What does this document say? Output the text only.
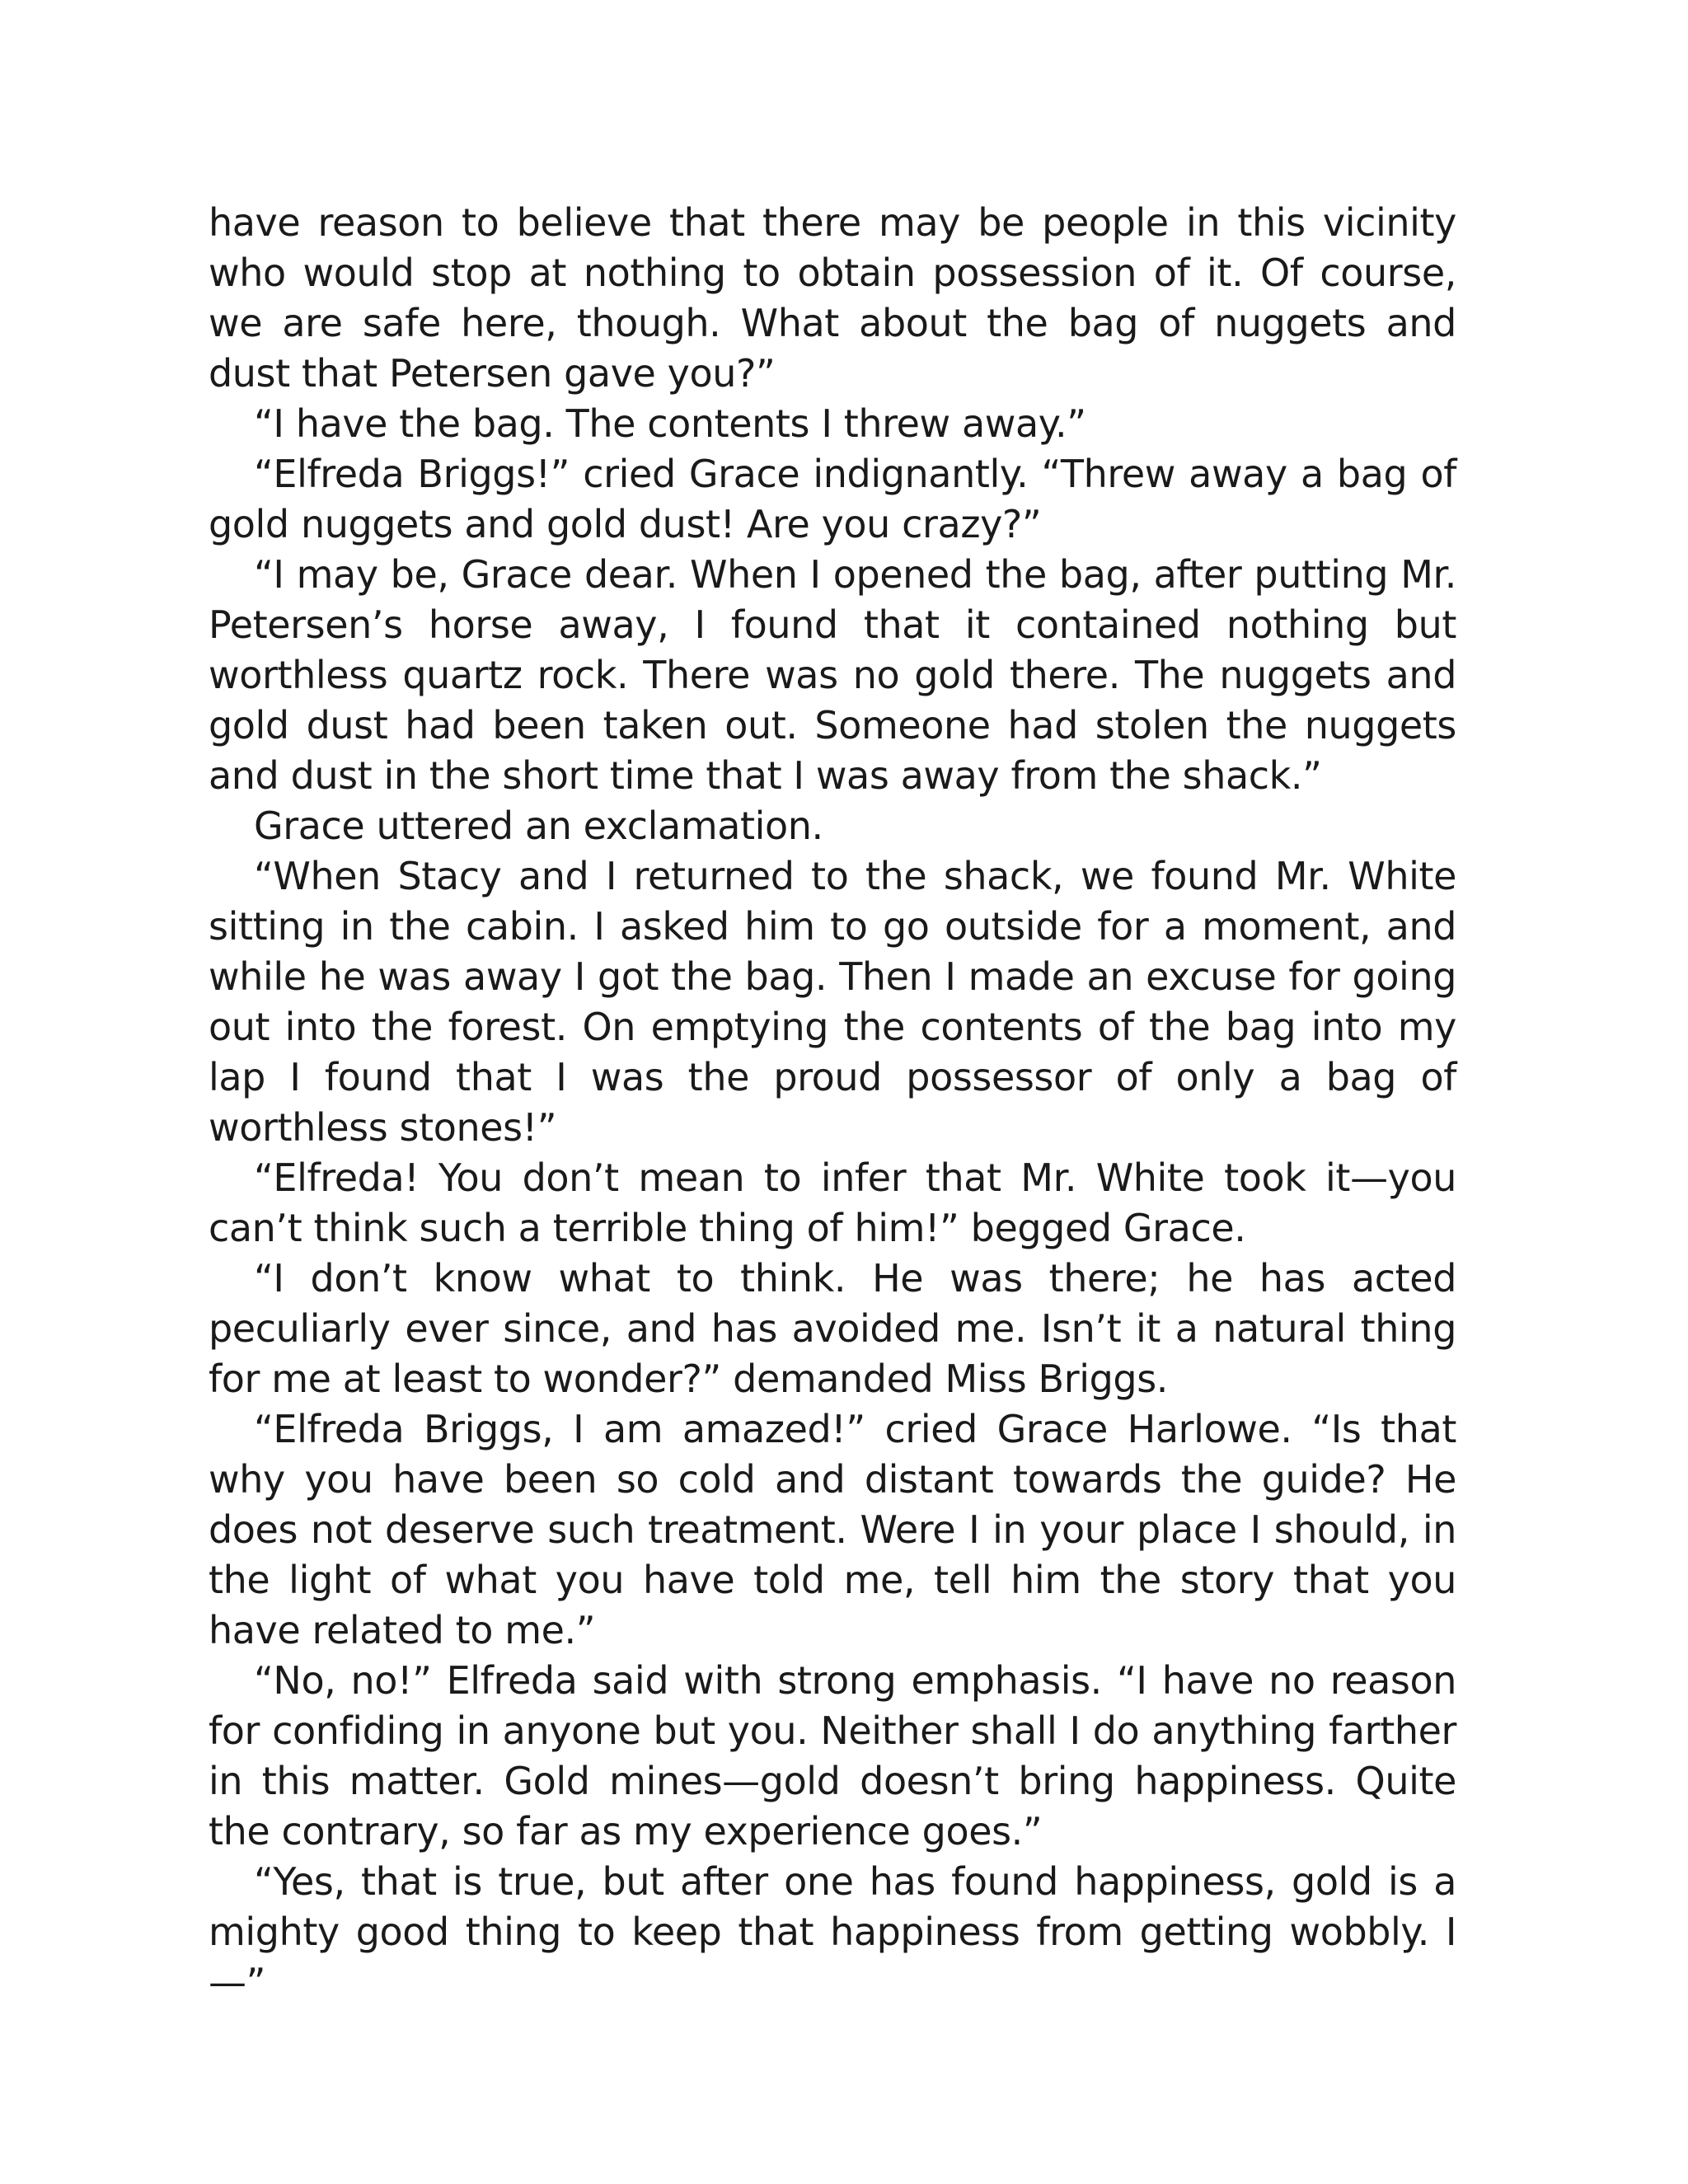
have reason to believe that there may be people in this vicinity who would stop at nothing to obtain possession of it. Of course, we are safe here, though. What about the bag of nuggets and dust that Petersen gave you?”

“I have the bag. The contents I threw away.”

“Elfreda Briggs!” cried Grace indignantly. “Threw away a bag of gold nuggets and gold dust! Are you crazy?”

“I may be, Grace dear. When I opened the bag, after putting Mr. Petersen’s horse away, I found that it contained nothing but worthless quartz rock. There was no gold there. The nuggets and gold dust had been taken out. Someone had stolen the nuggets and dust in the short time that I was away from the shack.”

Grace uttered an exclamation.

“When Stacy and I returned to the shack, we found Mr. White sitting in the cabin. I asked him to go outside for a moment, and while he was away I got the bag. Then I made an excuse for going out into the forest. On emptying the contents of the bag into my lap I found that I was the proud possessor of only a bag of worthless stones!”

“Elfreda! You don’t mean to infer that Mr. White took it—you can’t think such a terrible thing of him!” begged Grace.

“I don’t know what to think. He was there; he has acted peculiarly ever since, and has avoided me. Isn’t it a natural thing for me at least to wonder?” demanded Miss Briggs.

“Elfreda Briggs, I am amazed!” cried Grace Harlowe. “Is that why you have been so cold and distant towards the guide? He does not deserve such treatment. Were I in your place I should, in the light of what you have told me, tell him the story that you have related to me.”

“No, no!” Elfreda said with strong emphasis. “I have no reason for confiding in anyone but you. Neither shall I do anything farther in this matter. Gold mines—gold doesn’t bring happiness. Quite the contrary, so far as my experience goes.”

“Yes, that is true, but after one has found happiness, gold is a mighty good thing to keep that happiness from getting wobbly. I—”
